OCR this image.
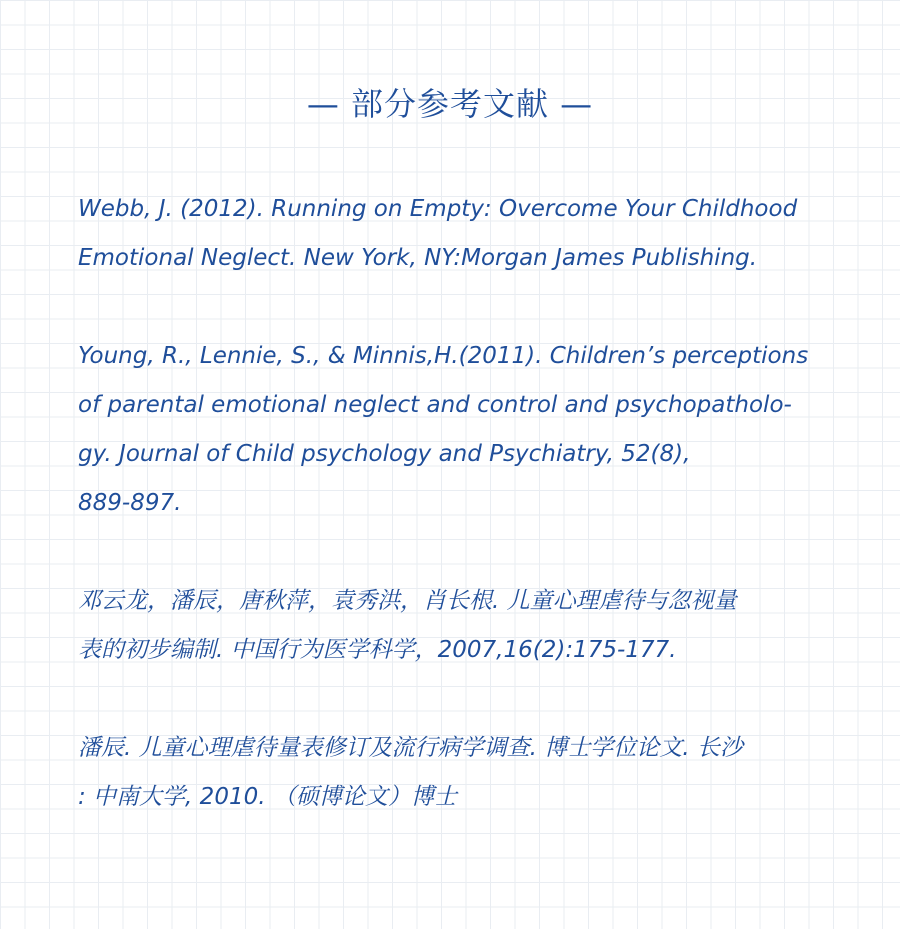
— 部分参考文献 —
Webb, J. (2012). Running on Empty: Overcome Your Childhood
Emotional Neglect. New York, NY:Morgan James Publishing.
Young, R., Lennie, S., & Minnis,H.(2011). Children’s perceptions
of parental emotional neglect and control and psychopatholo-
gy. Journal of Child psychology and Psychiatry, 52(8),
889-897.
邓云龙，潘辰，唐秋萍，袁秀洪，肖长根. 儿童心理虐待与忽视量
表的初步编制. 中国行为医学科学，2007,16(2):175-177.
潘辰. 儿童心理虐待量表修订及流行病学调查. 博士学位论文. 长沙
: 中南大学, 2010. （硕博论文）博士
